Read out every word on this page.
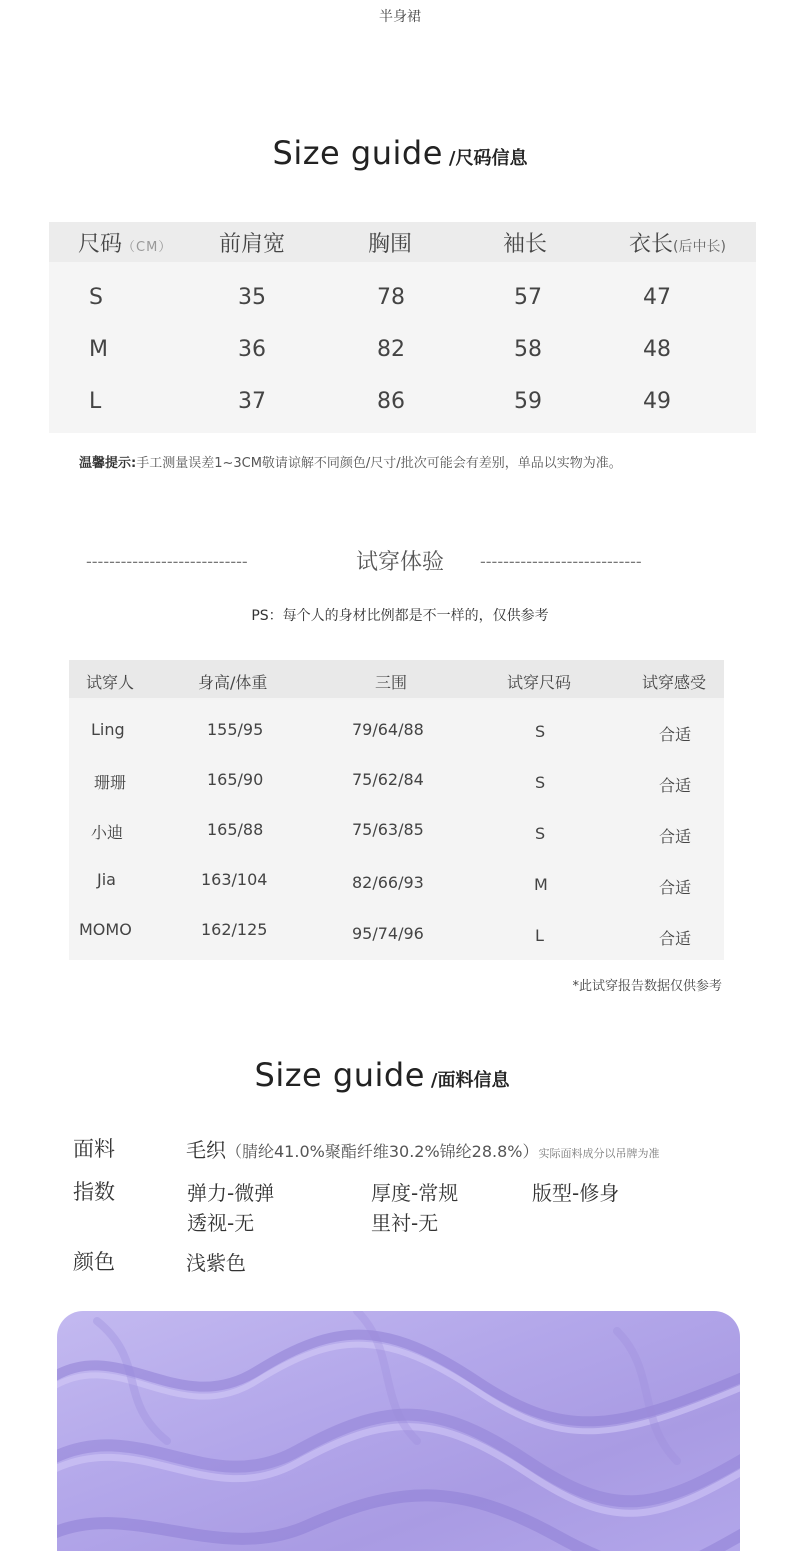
半身裙
Size guide /尺码信息
尺码（CM） 前肩宽	胸围	袖长	衣长(后中长)
S	35	78	57	47
M	36	82	58	48
L	37	86	59	49
温馨提示:手工测量误差1~3CM敬请谅解不同颜色/尺寸/批次可能会有差别，单品以实物为准。
----------------------------	试穿体验	----------------------------
PS：每个人的身材比例都是不一样的，仅供参考
试穿人	身高/体重	三围	试穿尺码	试穿感受
Ling	155/95	79/64/88	S	合适
珊珊	165/90	75/62/84	S	合适
小迪	165/88	75/63/85	S	合适
Jia	163/104	82/66/93	M	合适
MOMO	162/125	95/74/96	L	合适
*此试穿报告数据仅供参考
Size guide /面料信息
面料	毛织（腈纶41.0%聚酯纤维30.2%锦纶28.8%）实际面料成分以吊牌为准
指数	弹力-微弹	厚度-常规	版型-修身
透视-无	里衬-无
颜色	浅紫色
